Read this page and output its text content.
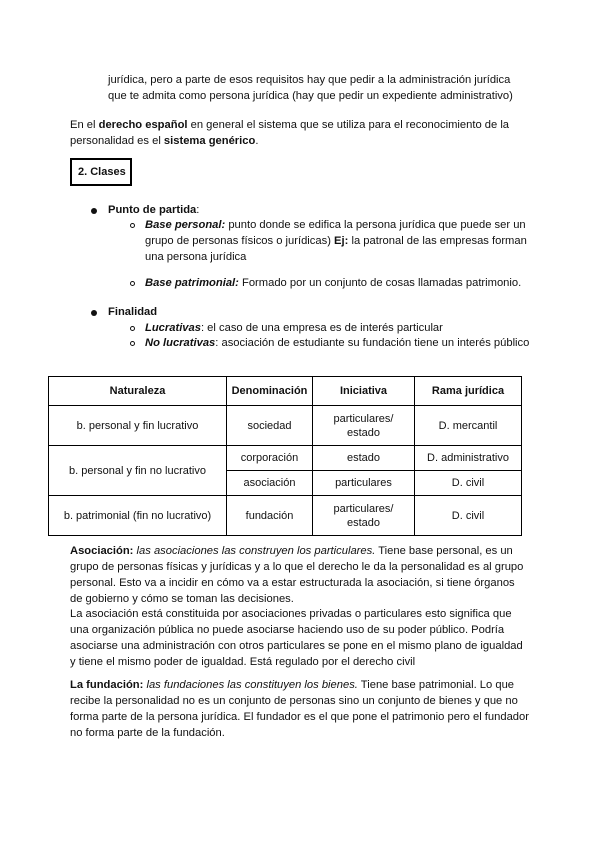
jurídica, pero a parte de esos requisitos hay que pedir a la administración jurídica

que te admita como persona jurídica (hay que pedir un expediente administrativo)

En el derecho español en general el sistema que se utiliza para el reconocimiento de la

personalidad es el sistema genérico.

2. Clases

Punto de partida:

Base personal: punto donde se edifica la persona jurídica que puede ser un

grupo de personas físicos o jurídicas) Ej: la patronal de las empresas forman

una persona jurídica

Base patrimonial: Formado por un conjunto de cosas llamadas patrimonio.

Finalidad

Lucrativas: el caso de una empresa es de interés particular

No lucrativas: asociación de estudiante su fundación tiene un interés público

Naturaleza	Denominación	Iniciativa	Rama jurídica
b. personal y fin lucrativo	sociedad	particulares/ estado	D. mercantil
b. personal y fin no lucrativo	corporación	estado	D. administrativo
	asociación	particulares	D. civil
b. patrimonial (fin no lucrativo)	fundación	particulares/ estado	D. civil

Asociación: las asociaciones las construyen los particulares. Tiene base personal, es un

grupo de personas físicas y jurídicas y a lo que el derecho le da la personalidad es al grupo

personal. Esto va a incidir en cómo va a estar estructurada la asociación, si tiene órganos

de gobierno y cómo se toman las decisiones.

La asociación está constituida por asociaciones privadas o particulares esto significa que

una organización pública no puede asociarse haciendo uso de su poder público. Podría

asociarse una administración con otros particulares se pone en el mismo plano de igualdad

y tiene el mismo poder de igualdad. Está regulado por el derecho civil

La fundación: las fundaciones las constituyen los bienes. Tiene base patrimonial. Lo que

recibe la personalidad no es un conjunto de personas sino un conjunto de bienes y que no

forma parte de la persona jurídica. El fundador es el que pone el patrimonio pero el fundador

no forma parte de la fundación.
